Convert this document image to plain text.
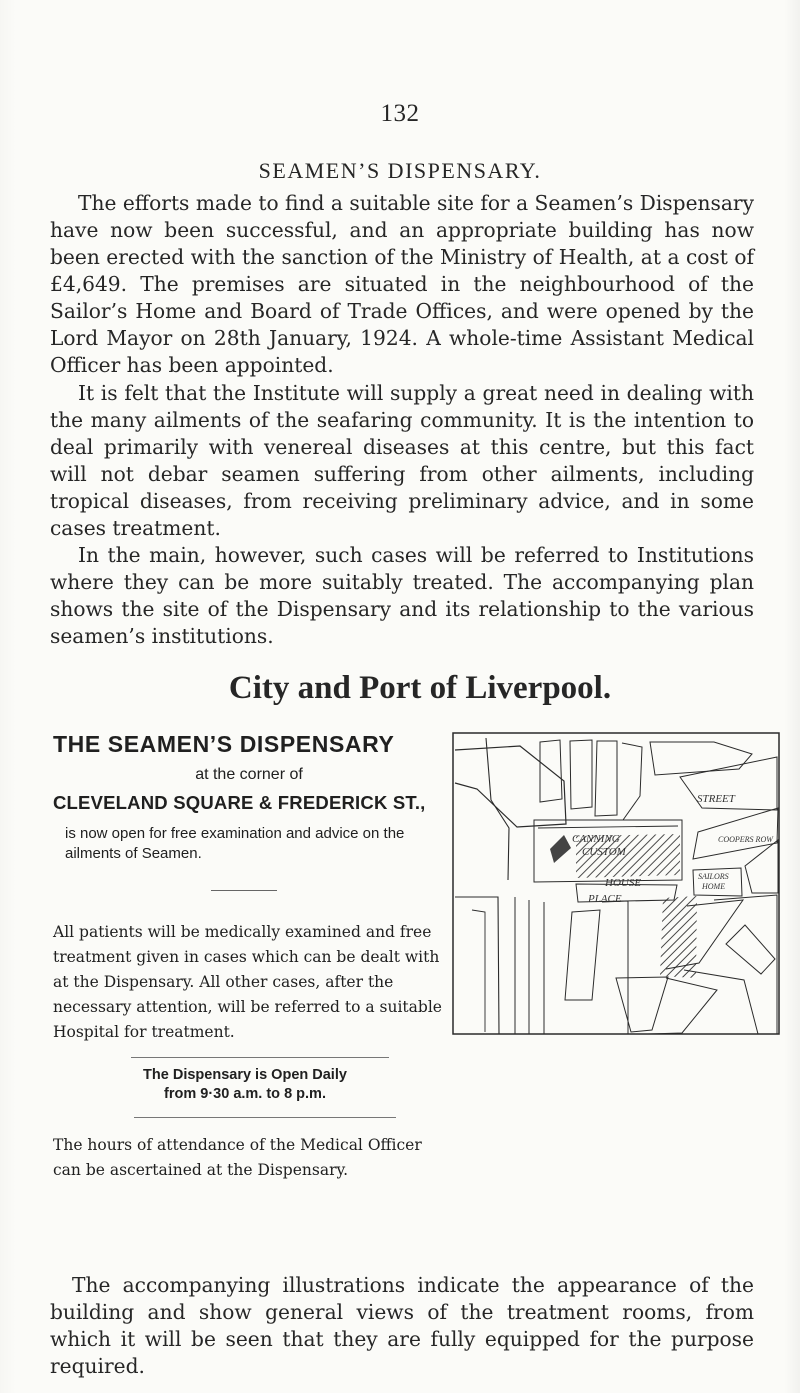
132
SEAMEN’S DISPENSARY.

The efforts made to find a suitable site for a Seamen’s Dispensary have now been successful, and an appropriate building has now been erected with the sanction of the Ministry of Health, at a cost of £4,649. The premises are situated in the neighbourhood of the Sailor’s Home and Board of Trade Offices, and were opened by the Lord Mayor on 28th January, 1924. A whole-time Assistant Medical Officer has been appointed.

It is felt that the Institute will supply a great need in dealing with the many ailments of the seafaring community. It is the intention to deal primarily with venereal diseases at this centre, but this fact will not debar seamen suffering from other ailments, including tropical diseases, from receiving preliminary advice, and in some cases treatment.

In the main, however, such cases will be referred to Institutions where they can be more suitably treated. The accompanying plan shows the site of the Dispensary and its relationship to the various seamen’s institutions.

City and Port of Liverpool.
THE SEAMEN’S DISPENSARY
at the corner of
CLEVELAND SQUARE & FREDERICK ST.,

is now open for free examination and advice on the ailments of Seamen.

All patients will be medically examined and free treatment given in cases which can be dealt with at the Dispensary. All other cases, after the necessary attention, will be referred to a suitable Hospital for treatment.

The Dispensary is Open Daily
from 9·30 a.m. to 8 p.m.

The hours of attendance of the Medical Officer can be ascertained at the Dispensary.

CANNING
CUSTOM
HOUSE
PLACE
STREET
COOPERS ROW
SAILORS
HOME

The accompanying illustrations indicate the appearance of the building and show general views of the treatment rooms, from which it will be seen that they are fully equipped for the purpose required.
